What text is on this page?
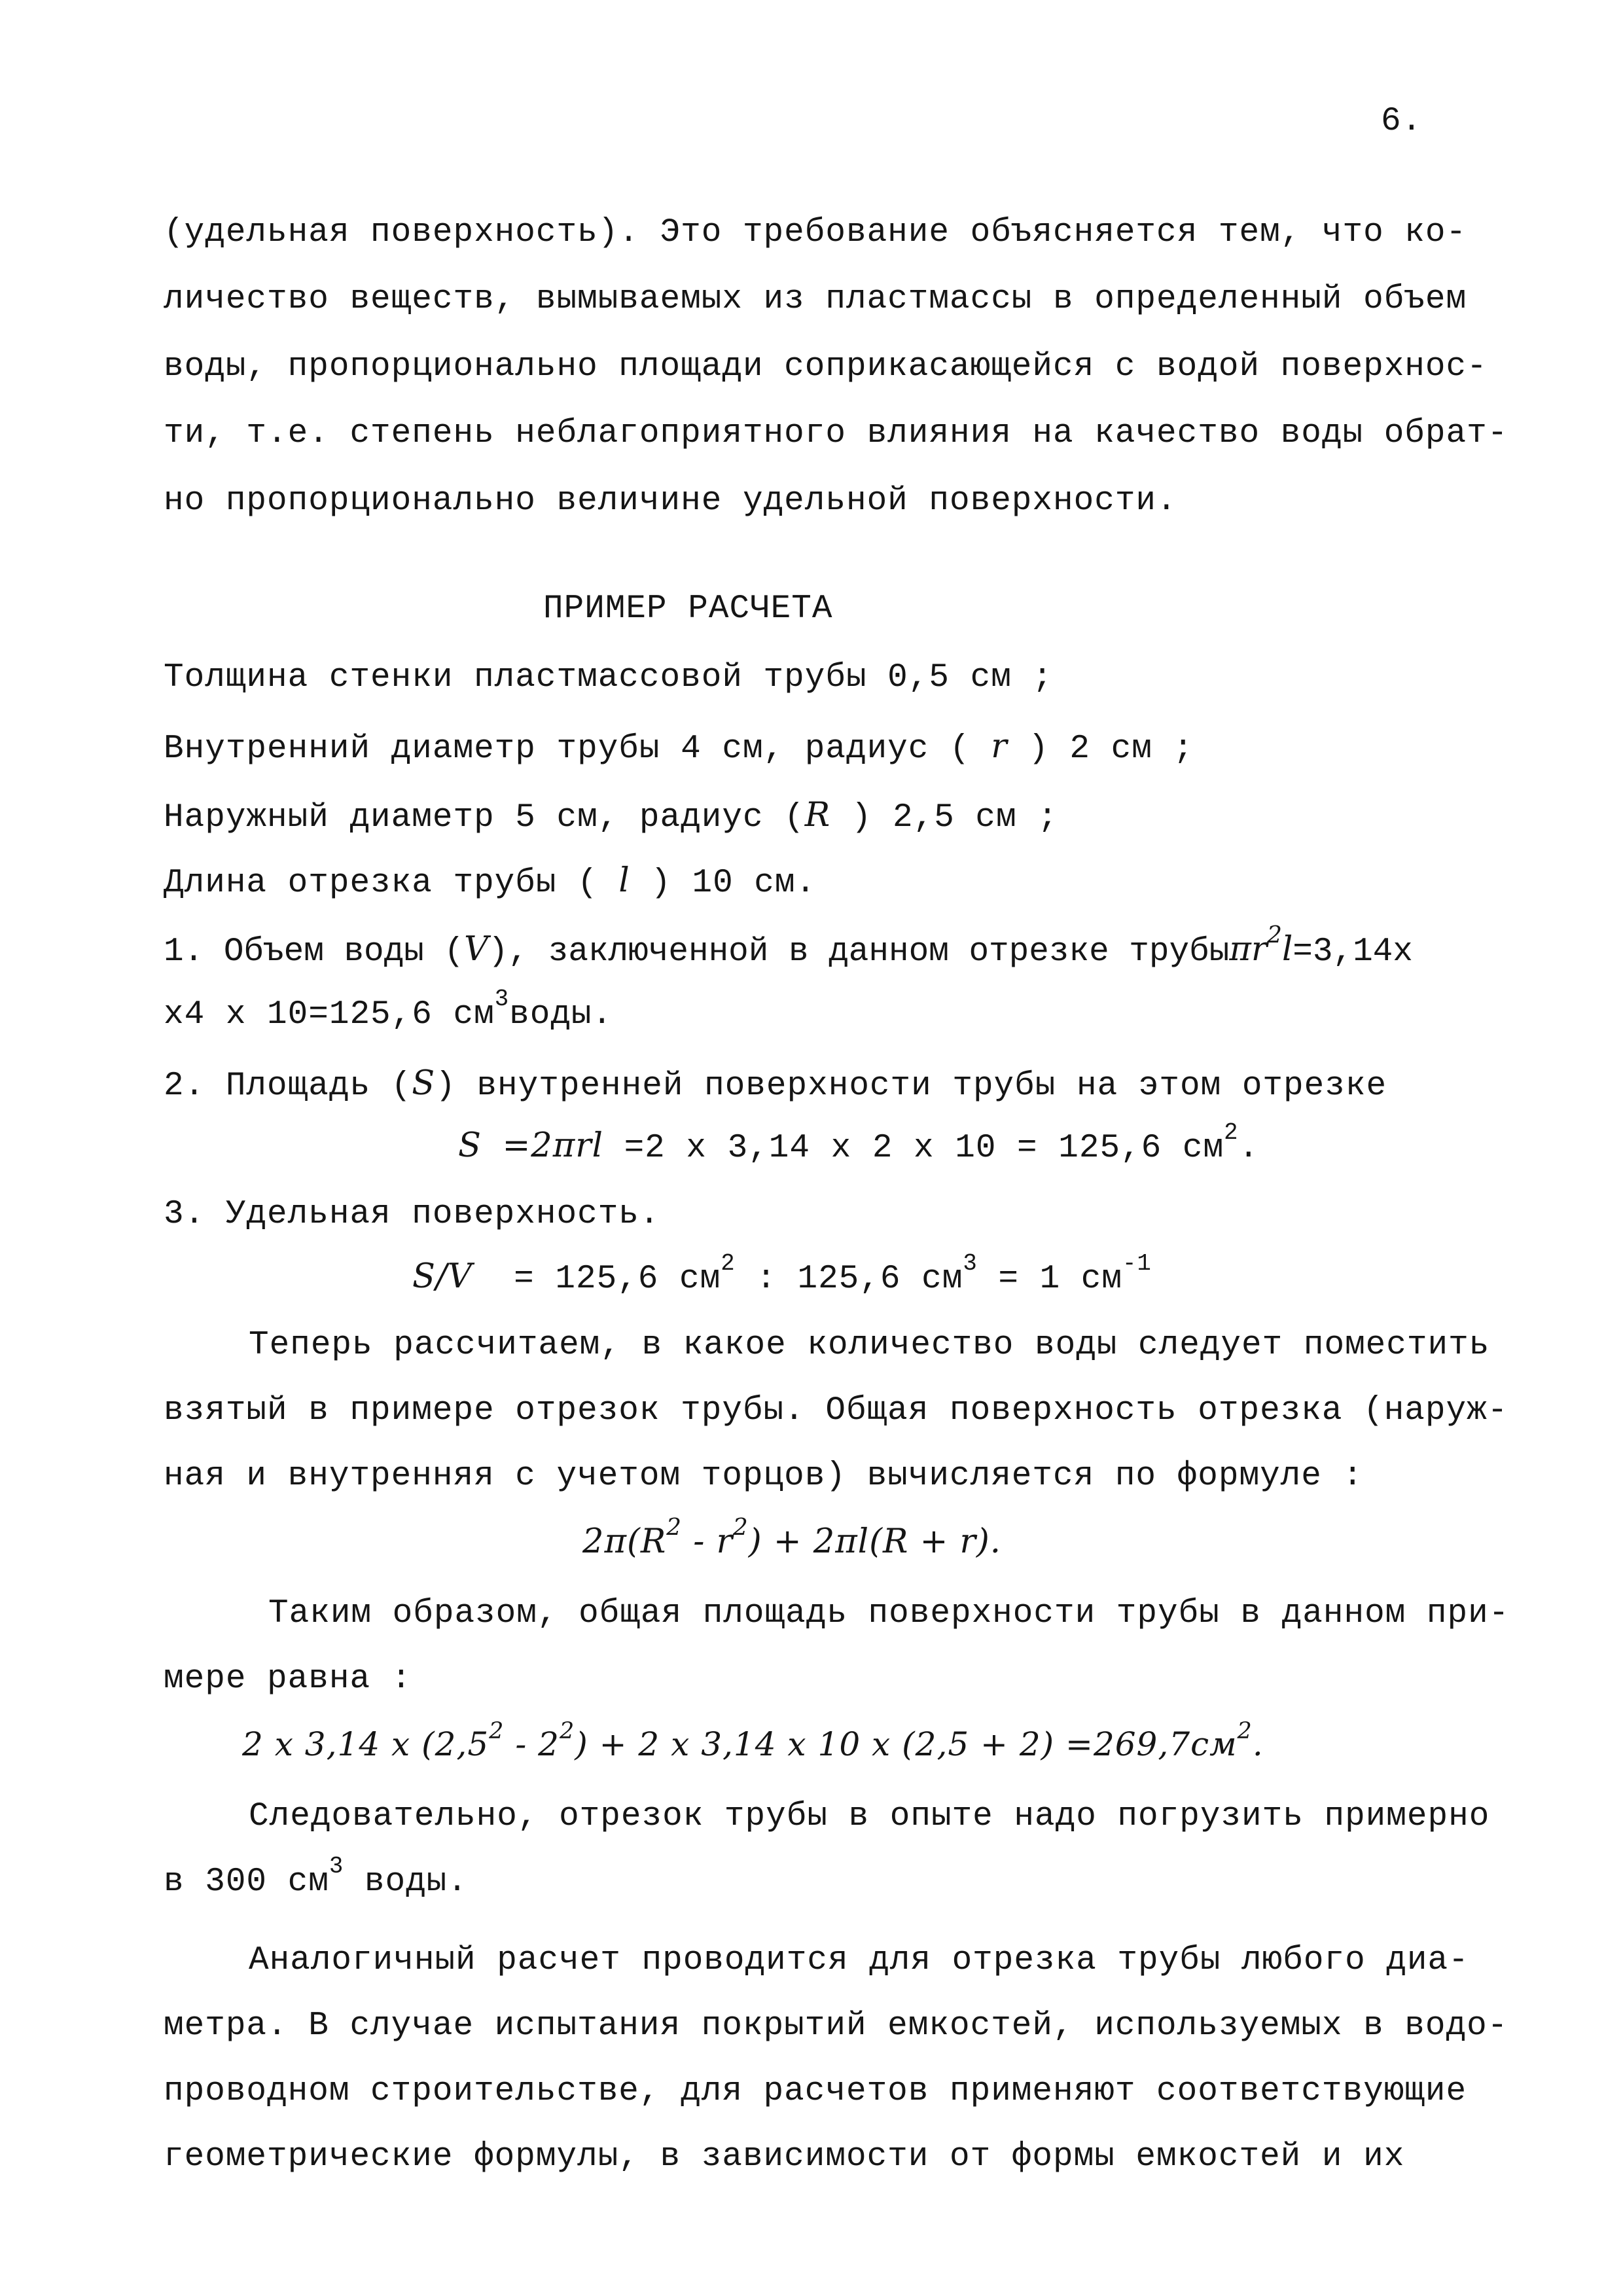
6.
(удельная поверхность). Это требование объясняется тем, что ко-
личество веществ, вымываемых из пластмассы в определенный объем
воды, пропорционально площади соприкасающейся с водой поверхнос-
ти, т.е. степень неблагоприятного влияния на качество воды обрат-
но пропорционально величине удельной поверхности.
ПРИМЕР РАСЧЕТА
Толщина стенки пластмассовой трубы 0,5 см ;
Внутренний диаметр трубы 4 см, радиус ( r ) 2 см ;
Наружный диаметр 5 см, радиус (R ) 2,5 см ;
Длина отрезка трубы ( l ) 10 см.
1. Объем воды (V), заключенной в данном отрезке трубыπr$^2$l=3,14х
х4 х 10=125,6 $см^3воды$.
2. Площадь (S) внутренней поверхности трубы на этом отрезке
S =2πrl =2 х 3,14 х 2 х 10 = 125,6 $см^2$.
3. Удельная поверхность.
S/V = 125,6 $см^2$ : 125,6 $см^3 = 1$ $см^{-1}$
Теперь рассчитаем, в какое количество воды следует поместить
взятый в примере отрезок трубы. Общая поверхность отрезка (наруж-
ная и внутренняя с учетом торцов) вычисляется по формуле :
$2\pi(R^2 - r^2) + 2\pi l(R + r)$.
Таким образом, общая площадь поверхности трубы в данном при-
мере равна :
2 х 3,14 х $(2,5^2 - 2^2) + 2$ х 3,14 х 10 х $(2,5 + 2) =269,7см^2$.
Следовательно, отрезок трубы в опыте надо погрузить примерно
в 300 $см^3$ воды.
Аналогичный расчет проводится для отрезка трубы любого диа-
метра. В случае испытания покрытий емкостей, используемых в водо-
проводном строительстве, для расчетов применяют соответствующие
геометрические формулы, в зависимости от формы емкостей и их
